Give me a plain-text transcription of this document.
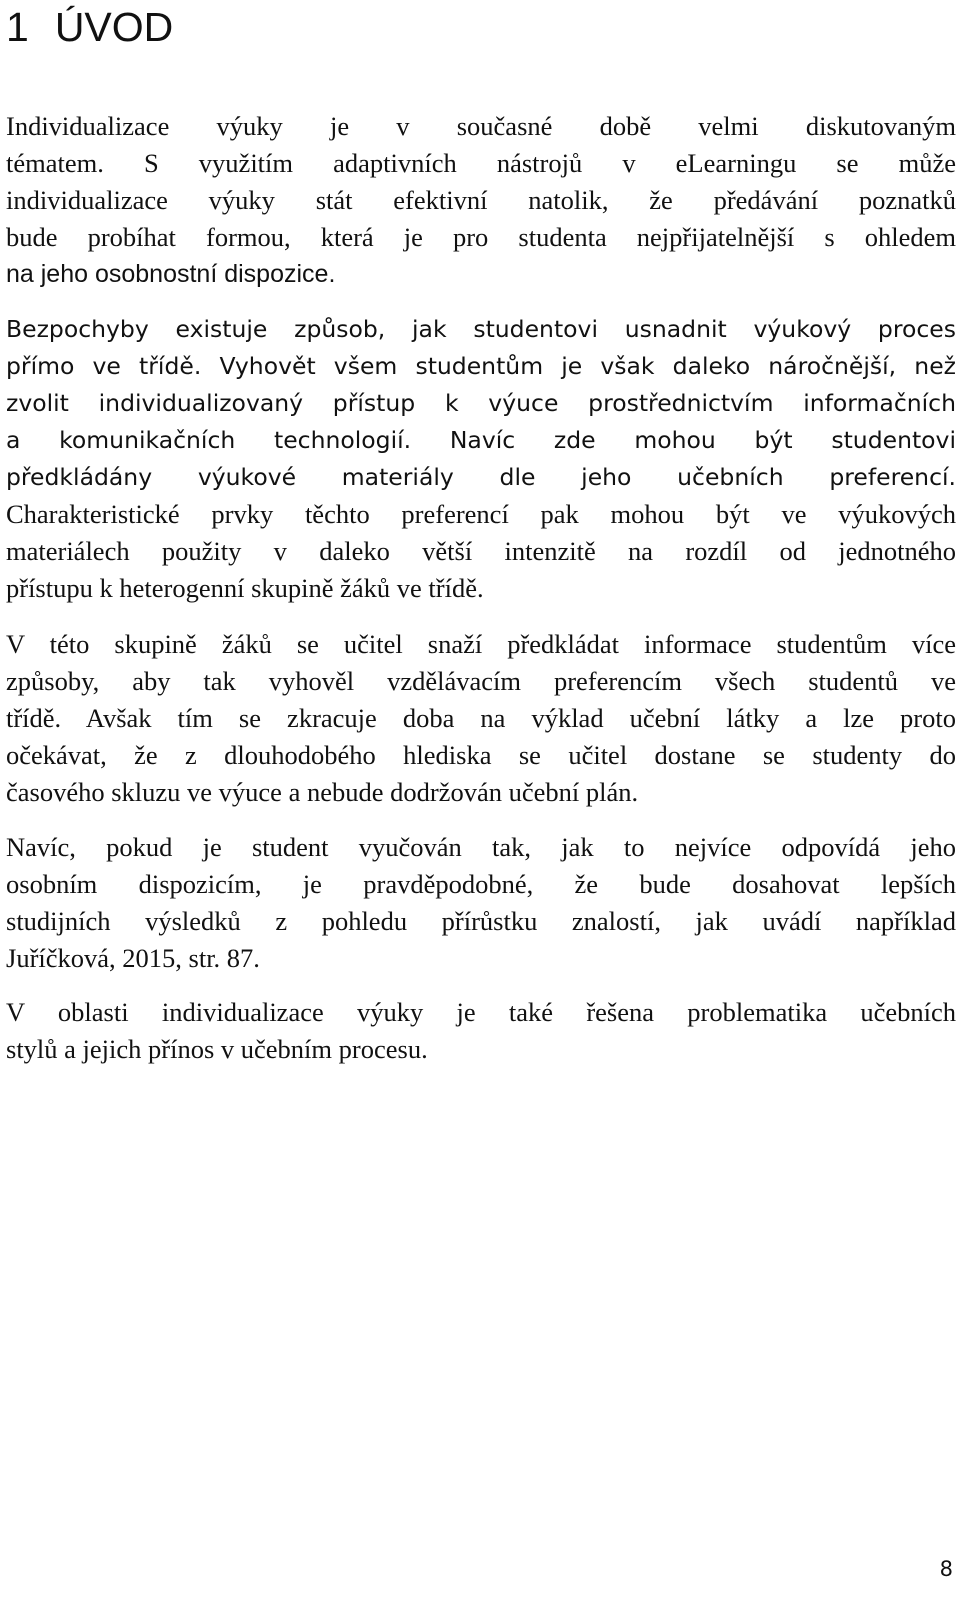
1 ÚVOD
Individualizace výuky je v současné době velmi diskutovaným
tématem. S využitím adaptivních nástrojů v eLearningu se může
individualizace výuky stát efektivní natolik, že předávání poznatků
bude probíhat formou, která je pro studenta nejpřijatelnější s ohledem
na jeho osobnostní dispozice.
Bezpochyby existuje způsob, jak studentovi usnadnit výukový proces
přímo ve třídě. Vyhovět všem studentům je však daleko náročnější, než
zvolit individualizovaný přístup k výuce prostřednictvím informačních
a komunikačních technologií. Navíc zde mohou být studentovi
předkládány výukové materiály dle jeho učebních preferencí.
Charakteristické prvky těchto preferencí pak mohou být ve výukových
materiálech použity v daleko větší intenzitě na rozdíl od jednotného
přístupu k heterogenní skupině žáků ve třídě.
V této skupině žáků se učitel snaží předkládat informace studentům více
způsoby, aby tak vyhověl vzdělávacím preferencím všech studentů ve
třídě. Avšak tím se zkracuje doba na výklad učební látky a lze proto
očekávat, že z dlouhodobého hlediska se učitel dostane se studenty do
časového skluzu ve výuce a nebude dodržován učební plán.
Navíc, pokud je student vyučován tak, jak to nejvíce odpovídá jeho
osobním dispozicím, je pravděpodobné, že bude dosahovat lepších
studijních výsledků z pohledu přírůstku znalostí, jak uvádí například
Juříčková, 2015, str. 87.
V oblasti individualizace výuky je také řešena problematika učebních
stylů a jejich přínos v učebním procesu.
8
